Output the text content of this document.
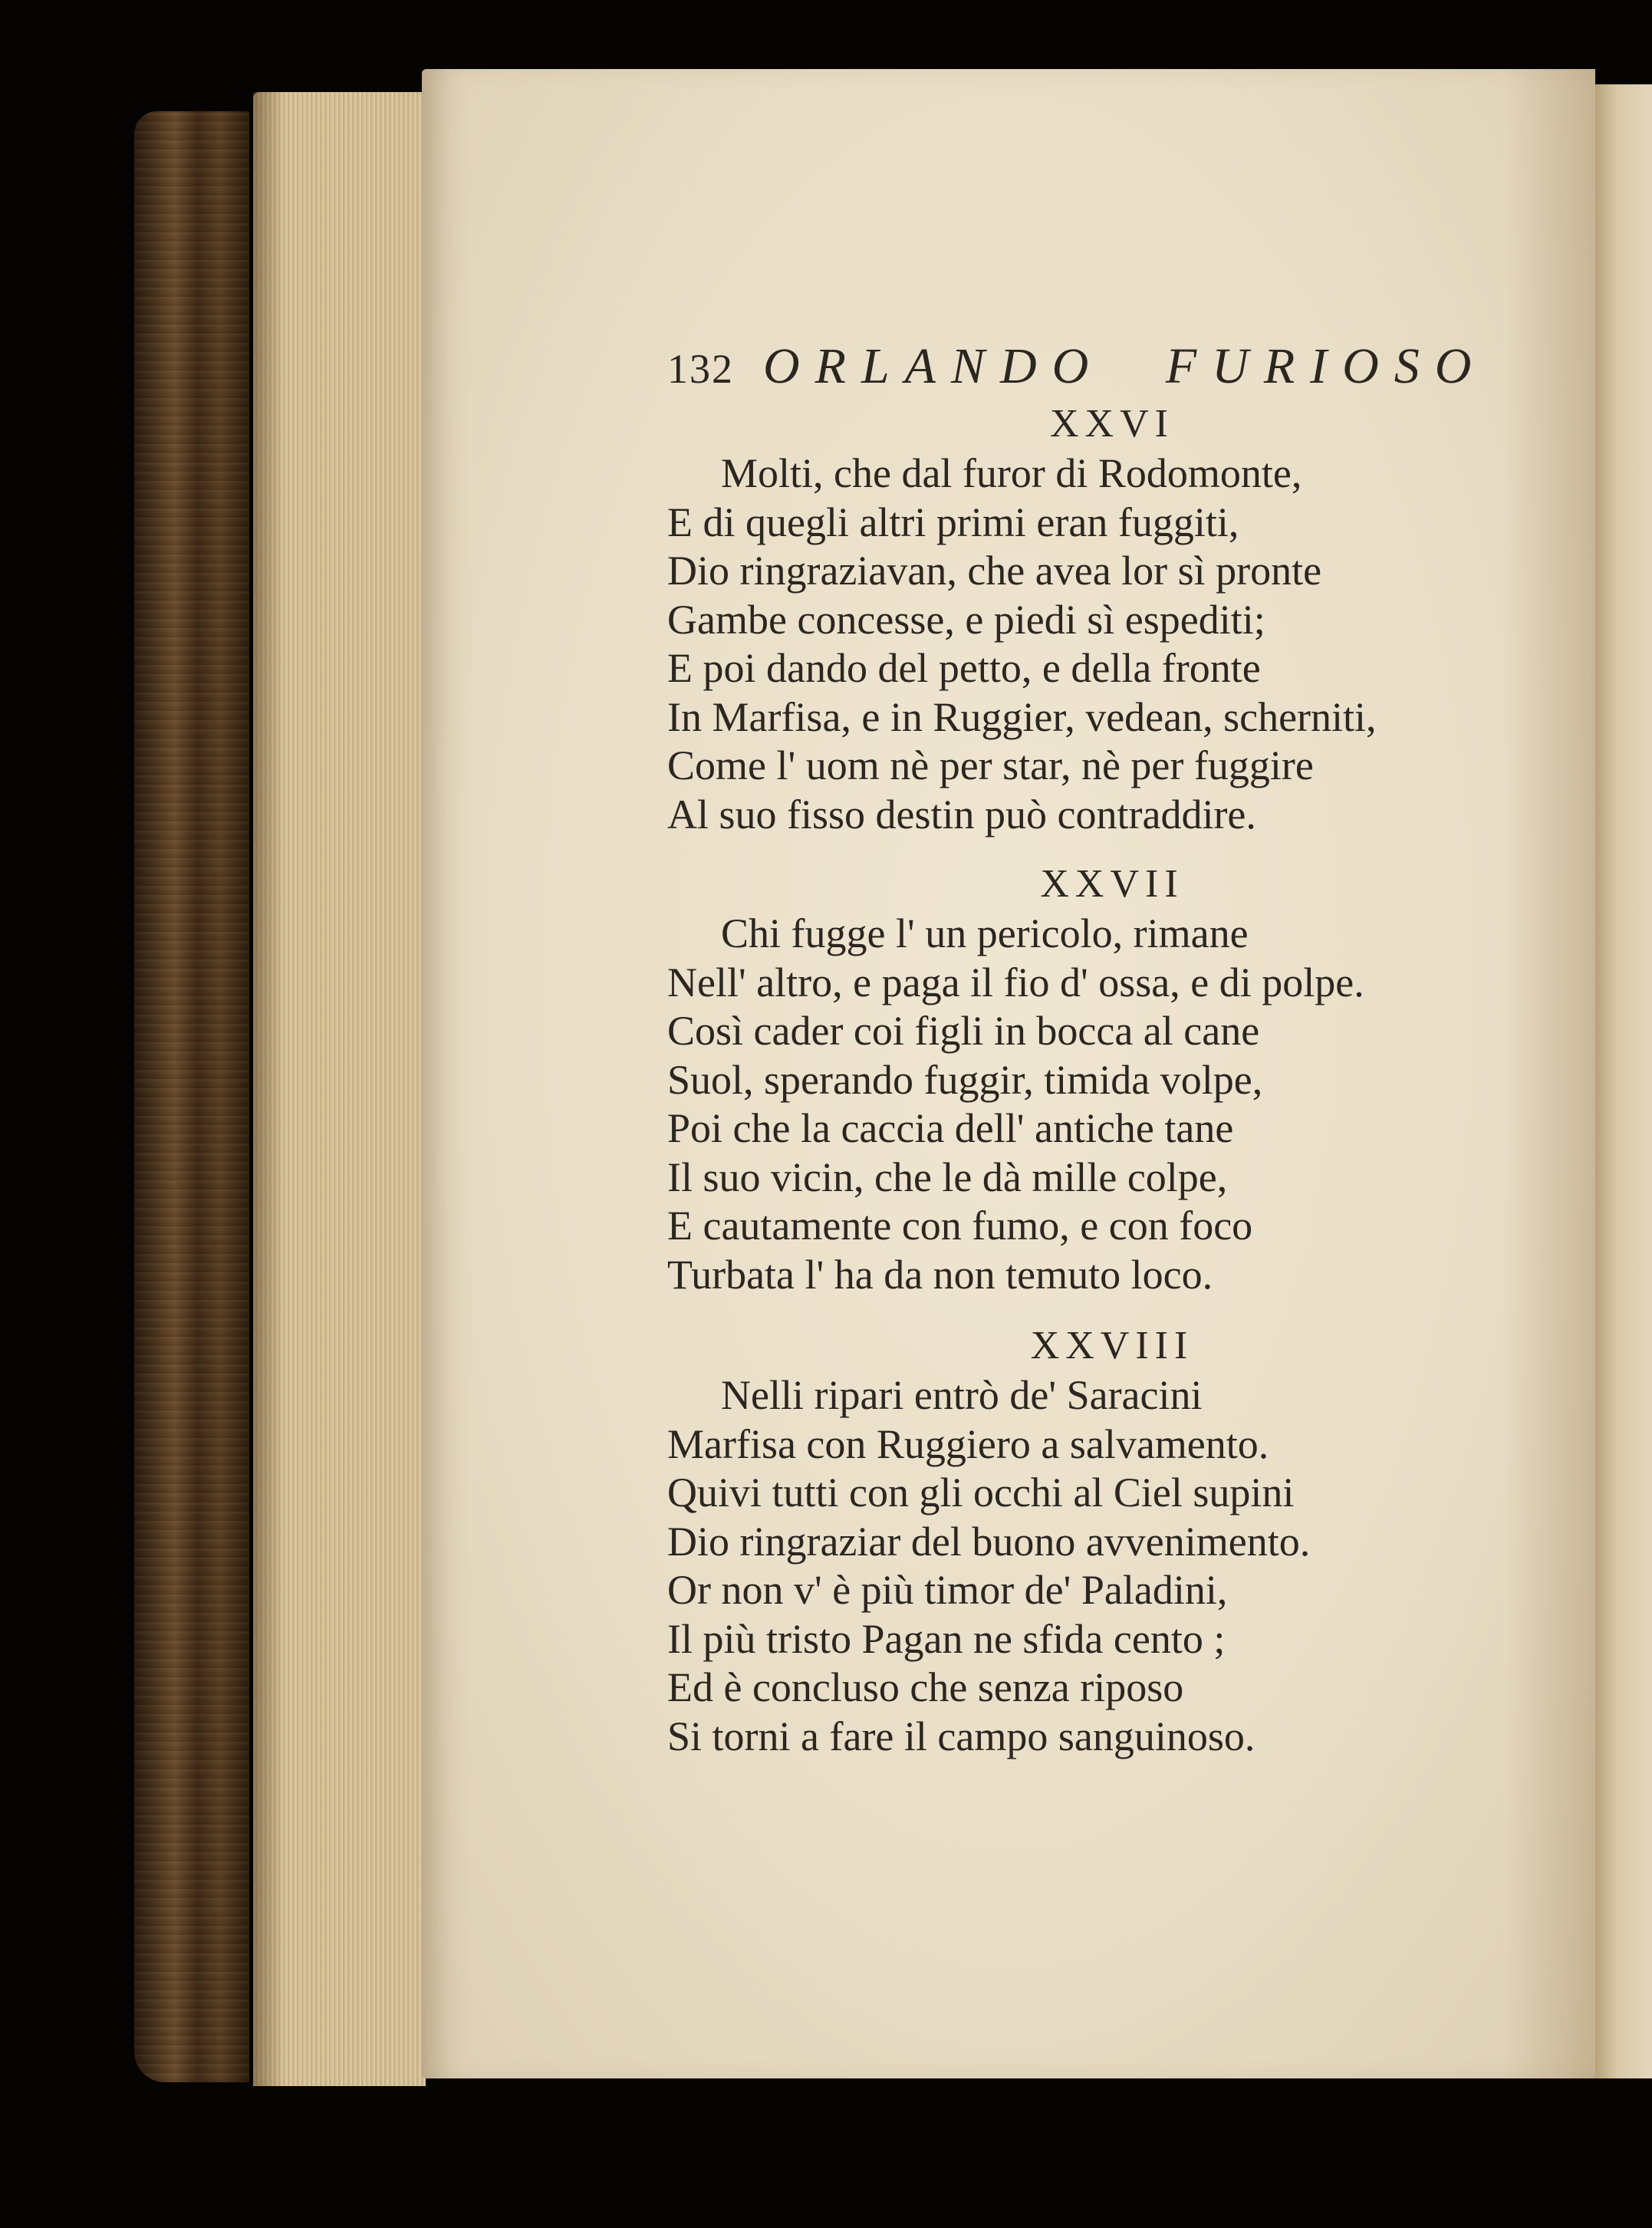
132 ORLANDO FURIOSO
XXVI
Molti, che dal furor di Rodomonte,
E di quegli altri primi eran fuggiti,
Dio ringraziavan, che avea lor sì pronte
Gambe concesse, e piedi sì espediti;
E poi dando del petto, e della fronte
In Marfisa, e in Ruggier, vedean, scherniti,
Come l' uom nè per star, nè per fuggire
Al suo fisso destin può contraddire.
XXVII
Chi fugge l' un pericolo, rimane
Nell' altro, e paga il fio d' ossa, e di polpe.
Così cader coi figli in bocca al cane
Suol, sperando fuggir, timida volpe,
Poi che la caccia dell' antiche tane
Il suo vicin, che le dà mille colpe,
E cautamente con fumo, e con foco
Turbata l' ha da non temuto loco.
XXVIII
Nelli ripari entrò de' Saracini
Marfisa con Ruggiero a salvamento.
Quivi tutti con gli occhi al Ciel supini
Dio ringraziar del buono avvenimento.
Or non v' è più timor de' Paladini,
Il più tristo Pagan ne sfida cento ;
Ed è concluso che senza riposo
Si torni a fare il campo sanguinoso.
